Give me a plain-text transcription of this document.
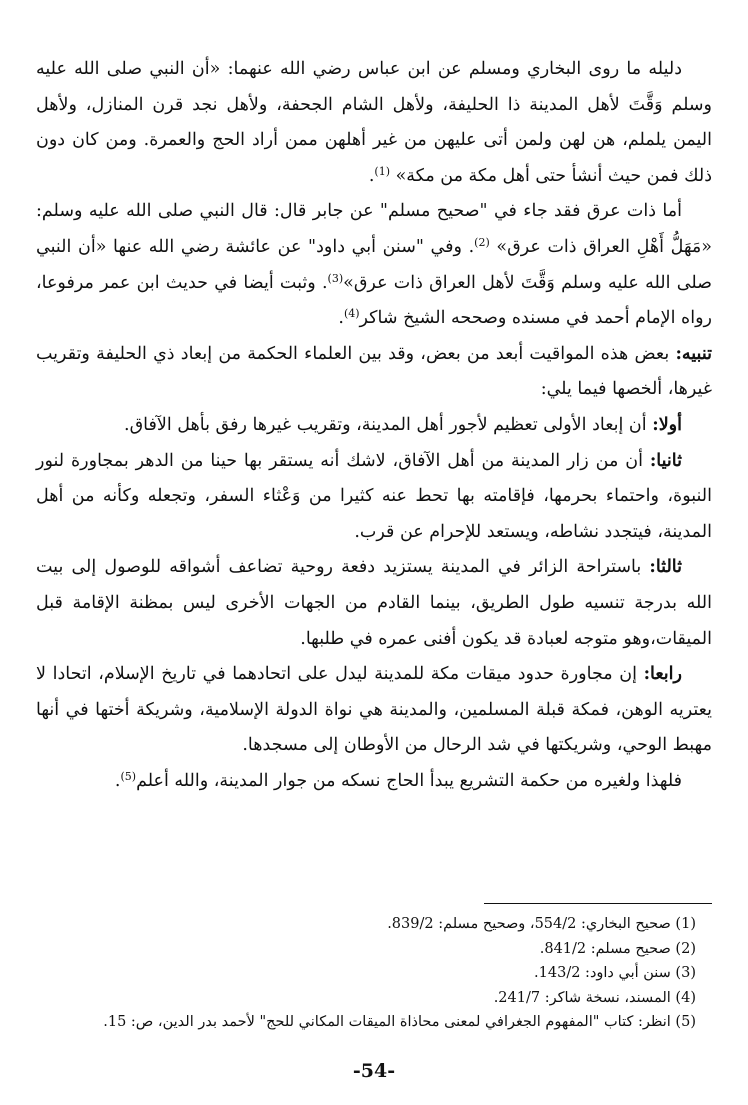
دليله ما روى البخاري ومسلم عن ابن عباس رضي الله عنهما: «أن النبي صلى الله عليه وسلم وَقَّتَ لأهل المدينة ذا الحليفة، ولأهل الشام الجحفة، ولأهل نجد قرن المنازل، ولأهل اليمن يلملم، هن لهن ولمن أتى عليهن من غير أهلهن ممن أراد الحج والعمرة. ومن كان دون ذلك فمن حيث أنشأ حتى أهل مكة من مكة» $^{(1)}$.

أما ذات عرق فقد جاء في "صحيح مسلم" عن جابر قال: قال النبي صلى الله عليه وسلم: «مَهَلُّ أَهْلِ العراق ذات عرق» $^{(2)}$. وفي "سنن أبي داود" عن عائشة رضي الله عنها «أن النبي صلى الله عليه وسلم وَقَّتَ لأهل العراق ذات عرق»$^{(3)}$. وثبت أيضا في حديث ابن عمر مرفوعا، رواه الإمام أحمد في مسنده وصححه الشيخ شاكر$^{(4)}$.

تنبيه: بعض هذه المواقيت أبعد من بعض، وقد بين العلماء الحكمة من إبعاد ذي الحليفة وتقريب غيرها، ألخصها فيما يلي:

أولا: أن إبعاد الأولى تعظيم لأجور أهل المدينة، وتقريب غيرها رفق بأهل الآفاق.

ثانيا: أن من زار المدينة من أهل الآفاق، لاشك أنه يستقر بها حينا من الدهر بمجاورة لنور النبوة، واحتماء بحرمها، فإقامته بها تحط عنه كثيرا من وَعْثاء السفر، وتجعله وكأنه من أهل المدينة، فيتجدد نشاطه، ويستعد للإحرام عن قرب.

ثالثا: باستراحة الزائر في المدينة يستزيد دفعة روحية تضاعف أشواقه للوصول إلى بيت الله بدرجة تنسيه طول الطريق، بينما القادم من الجهات الأخرى ليس بمظنة الإقامة قبل الميقات،وهو متوجه لعبادة قد يكون أفنى عمره في طلبها.

رابعا: إن مجاورة حدود ميقات مكة للمدينة ليدل على اتحادهما في تاريخ الإسلام، اتحادا لا يعتريه الوهن، فمكة قبلة المسلمين، والمدينة هي نواة الدولة الإسلامية، وشريكة أختها في أنها مهبط الوحي، وشريكتها في شد الرحال من الأوطان إلى مسجدها.

فلهذا ولغيره من حكمة التشريع يبدأ الحاج نسكه من جوار المدينة، والله أعلم$^{(5)}$.

(1) صحيح البخاري: 554/2، وصحيح مسلم: 839/2.

(2) صحيح مسلم: 841/2.

(3) سنن أبي داود: 143/2.

(4) المسند، نسخة شاكر: 241/7.

(5) انظر: كتاب "المفهوم الجغرافي لمعنى محاذاة الميقات المكاني للحج" لأحمد بدر الدين، ص: 15.

-54-
